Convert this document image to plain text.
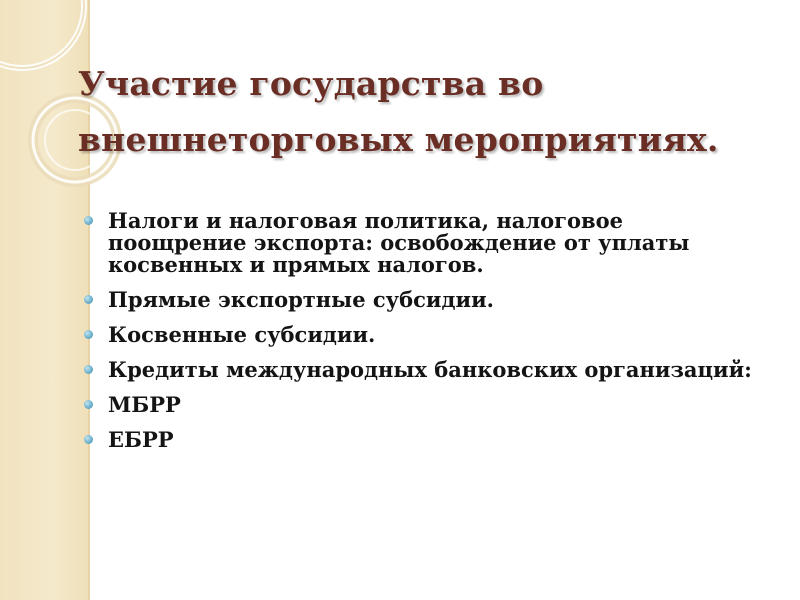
Участие государства во
внешнеторговых мероприятиях.
Налоги и налоговая политика, налоговое поощрение экспорта: освобождение от уплаты косвенных и прямых налогов.
Прямые экспортные субсидии.
Косвенные субсидии.
Кредиты международных банковских организаций:
МБРР
ЕБРР
